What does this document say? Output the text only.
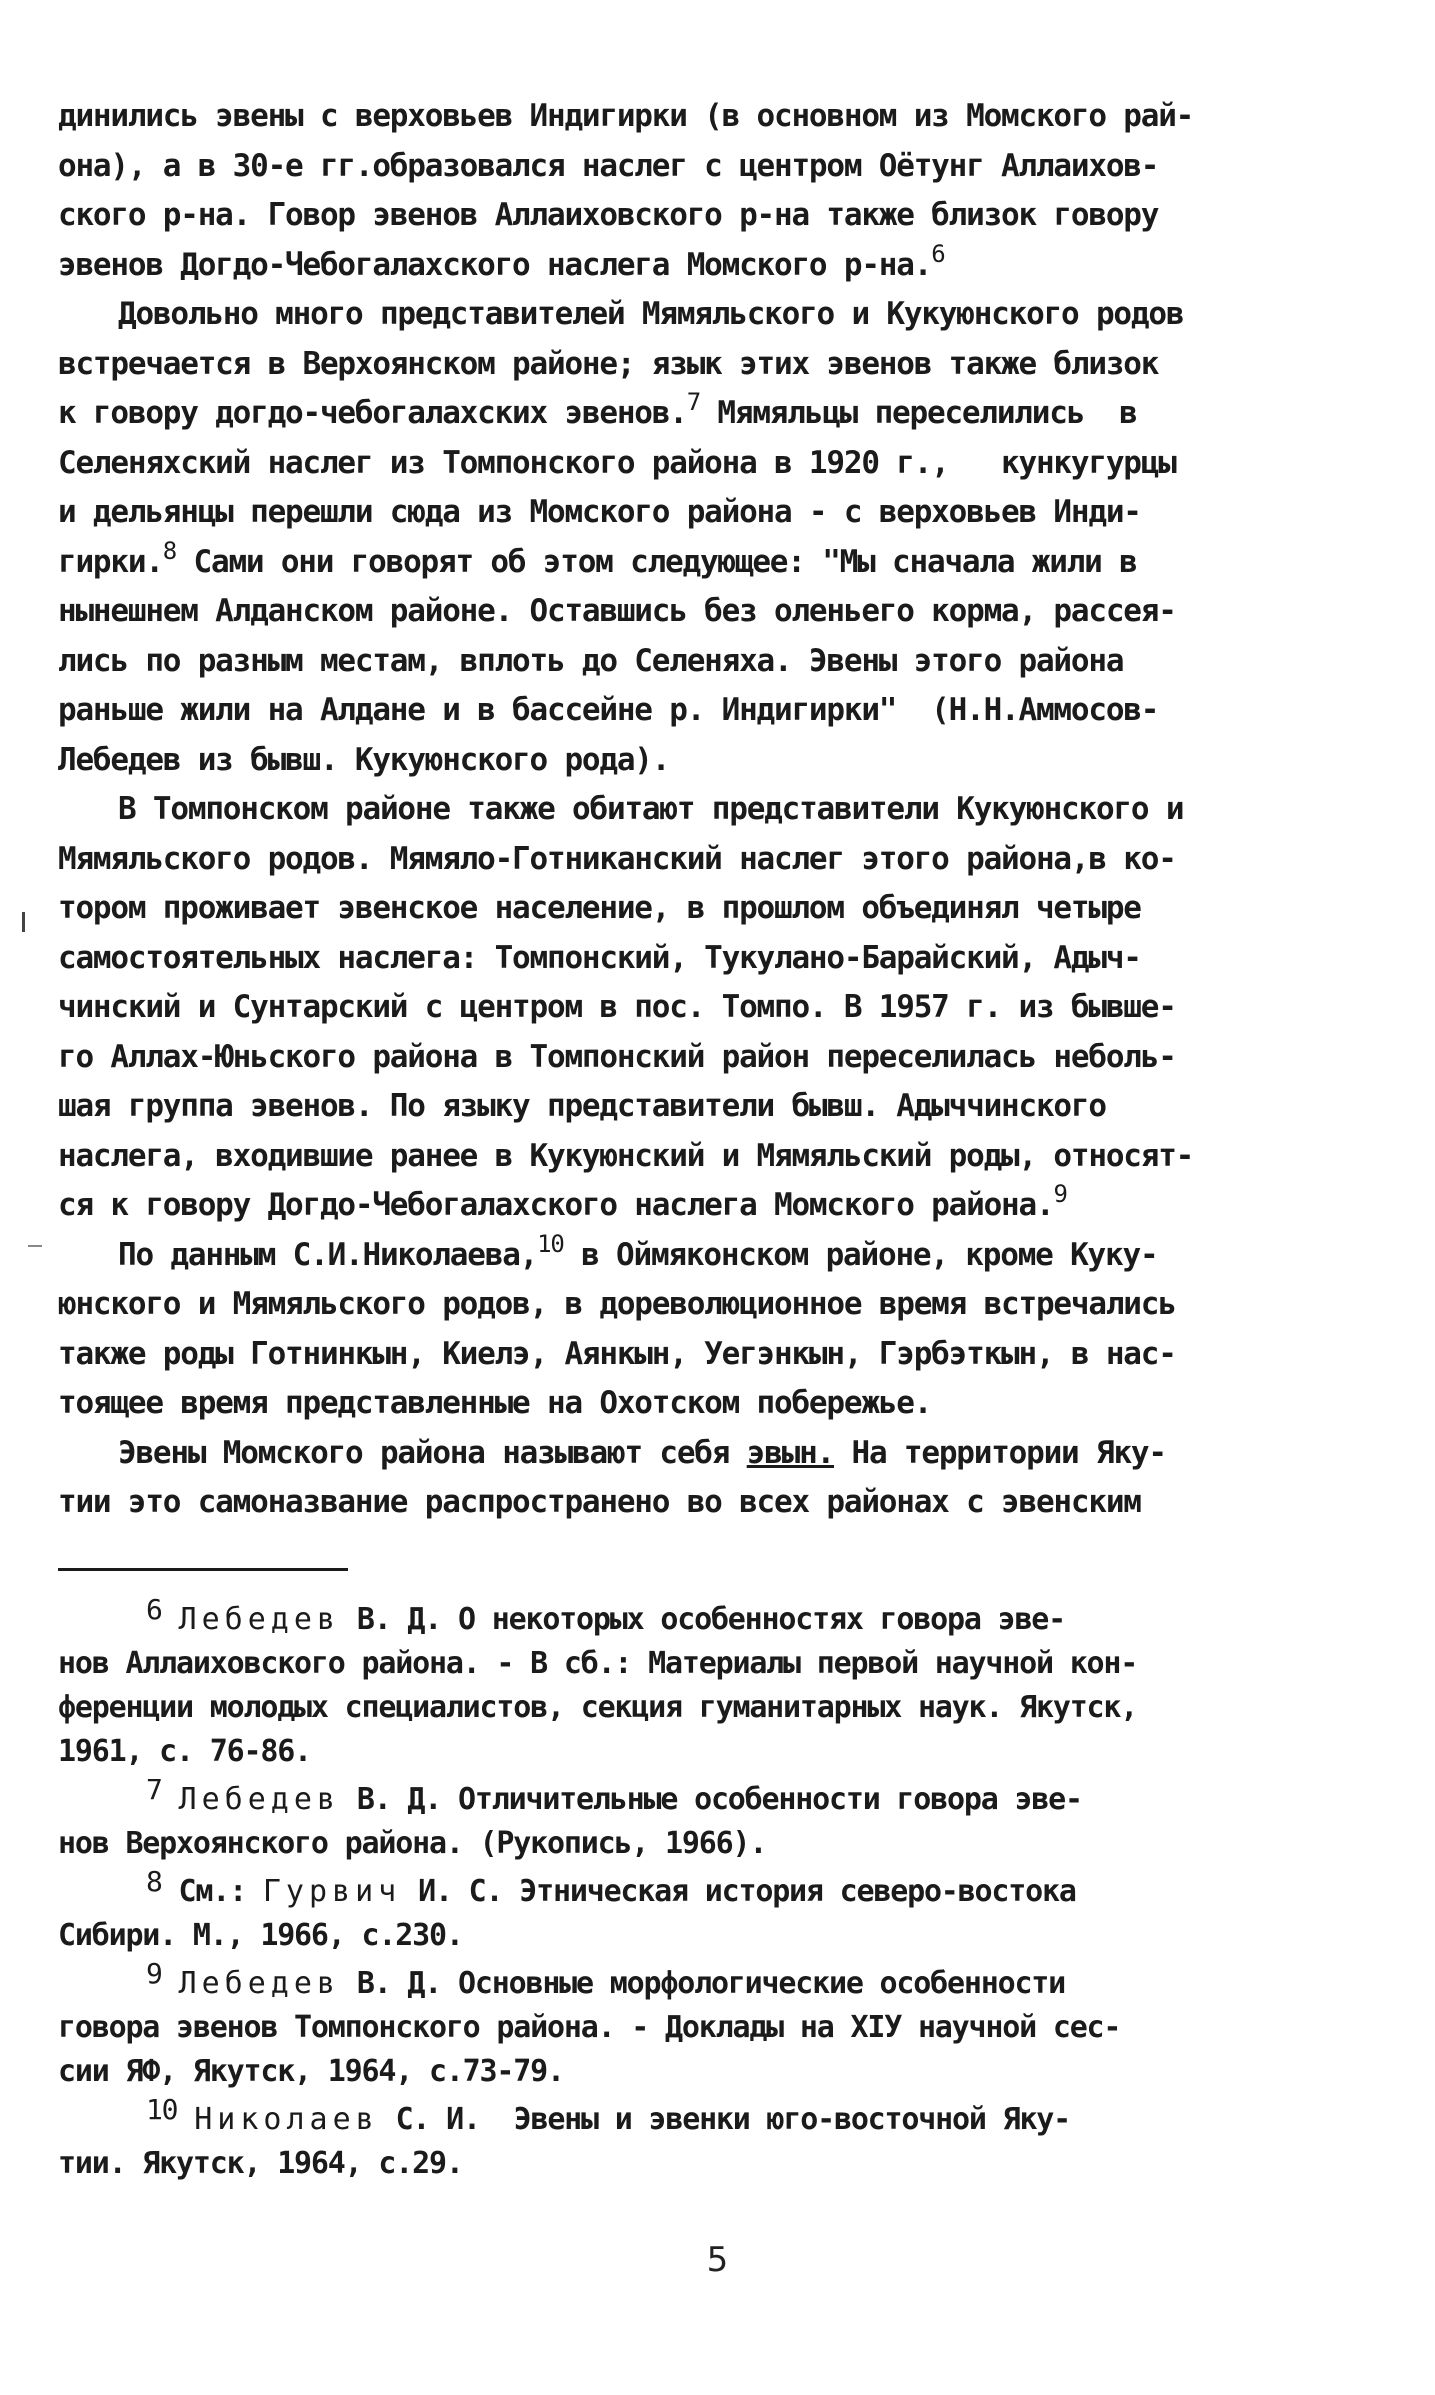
динились эвены с верховьев Индигирки (в основном из Момского рай-
она), а в 30-е гг.образовался наслег с центром Оётунг Аллаихов-
ского р-на. Говор эвенов Аллаиховского р-на также близок говору
эвенов Догдо-Чебогалахского наслега Момского р-на.$^6$
Довольно много представителей Мямяльского и Кукуюнского родов
встречается в Верхоянском районе; язык этих эвенов также близок
к говору догдо-чебогалахских эвенов.$^7$ Мямяльцы переселились  в
Селеняхский наслег из Томпонского района в 1920 г.,   кункугурцы
и дельянцы перешли сюда из Момского района - с верховьев Инди-
гирки.$^8$ Сами они говорят об этом следующее: "Мы сначала жили в
нынешнем Алданском районе. Оставшись без оленьего корма, рассея-
лись по разным местам, вплоть до Селеняха. Эвены этого района
раньше жили на Алдане и в бассейне р. Индигирки"  (Н.Н.Аммосов-
Лебедев из бывш. Кукуюнского рода).
В Томпонском районе также обитают представители Кукуюнского и
Мямяльского родов. Мямяло-Готниканский наслег этого района,в ко-
тором проживает эвенское население, в прошлом объединял четыре
самостоятельных наслега: Томпонский, Тукулано-Барайский, Адыч-
чинский и Сунтарский с центром в пос. Томпо. В 1957 г. из бывше-
го Аллах-Юньского района в Томпонский район переселилась неболь-
шая группа эвенов. По языку представители бывш. Адыччинского
наслега, входившие ранее в Кукуюнский и Мямяльский роды, относят-
ся к говору Догдо-Чебогалахского наслега Момского района.$^9$
По данным С.И.Николаева,$^{10}$ в Оймяконском районе, кроме Куку-
юнского и Мямяльского родов, в дореволюционное время встречались
также роды Готнинкын, Киелэ, Аянкын, Уегэнкын, Гэрбэткын, в нас-
тоящее время представленные на Охотском побережье.
Эвены Момского района называют себя эвын. На территории Яку-
тии это самоназвание распространено во всех районах с эвенским
6 Лебедев В. Д. О некоторых особенностях говора эве-
нов Аллаиховского района. - В сб.: Материалы первой научной кон-
ференции молодых специалистов, секция гуманитарных наук. Якутск,
1961, с. 76-86.
7 Лебедев В. Д. Отличительные особенности говора эве-
нов Верхоянского района. (Рукопись, 1966).
8 См.: Гурвич И. С. Этническая история северо-востока
Сибири. М., 1966, с.230.
9 Лебедев В. Д. Основные морфологические особенности
говора эвенов Томпонского района. - Доклады на XIУ научной сес-
сии ЯФ, Якутск, 1964, с.73-79.
10 Николаев С. И.  Эвены и эвенки юго-восточной Яку-
тии. Якутск, 1964, с.29.
5
